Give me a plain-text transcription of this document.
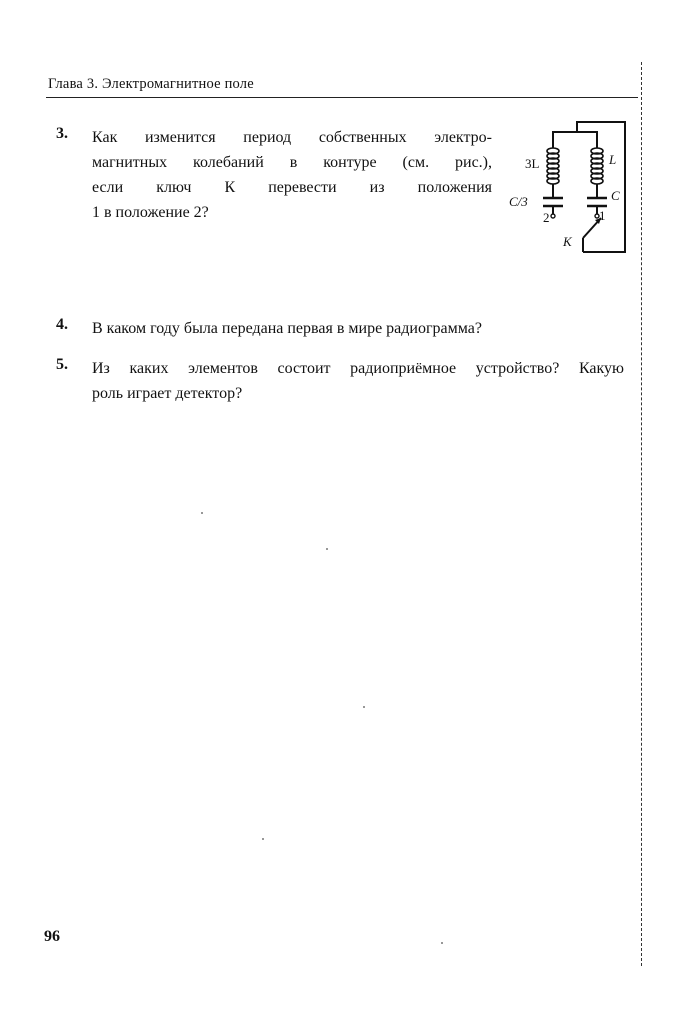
Глава 3. Электромагнитное поле
3. Как изменится период собственных электро-
магнитных колебаний в контуре (см. рис.),
если ключ К перевести из положения
1 в положение 2?
3L	L
C/3	C
2	1
K
4. В каком году была передана первая в мире радиограмма?
5. Из каких элементов состоит радиоприёмное устройство? Какую
роль играет детектор?
96
